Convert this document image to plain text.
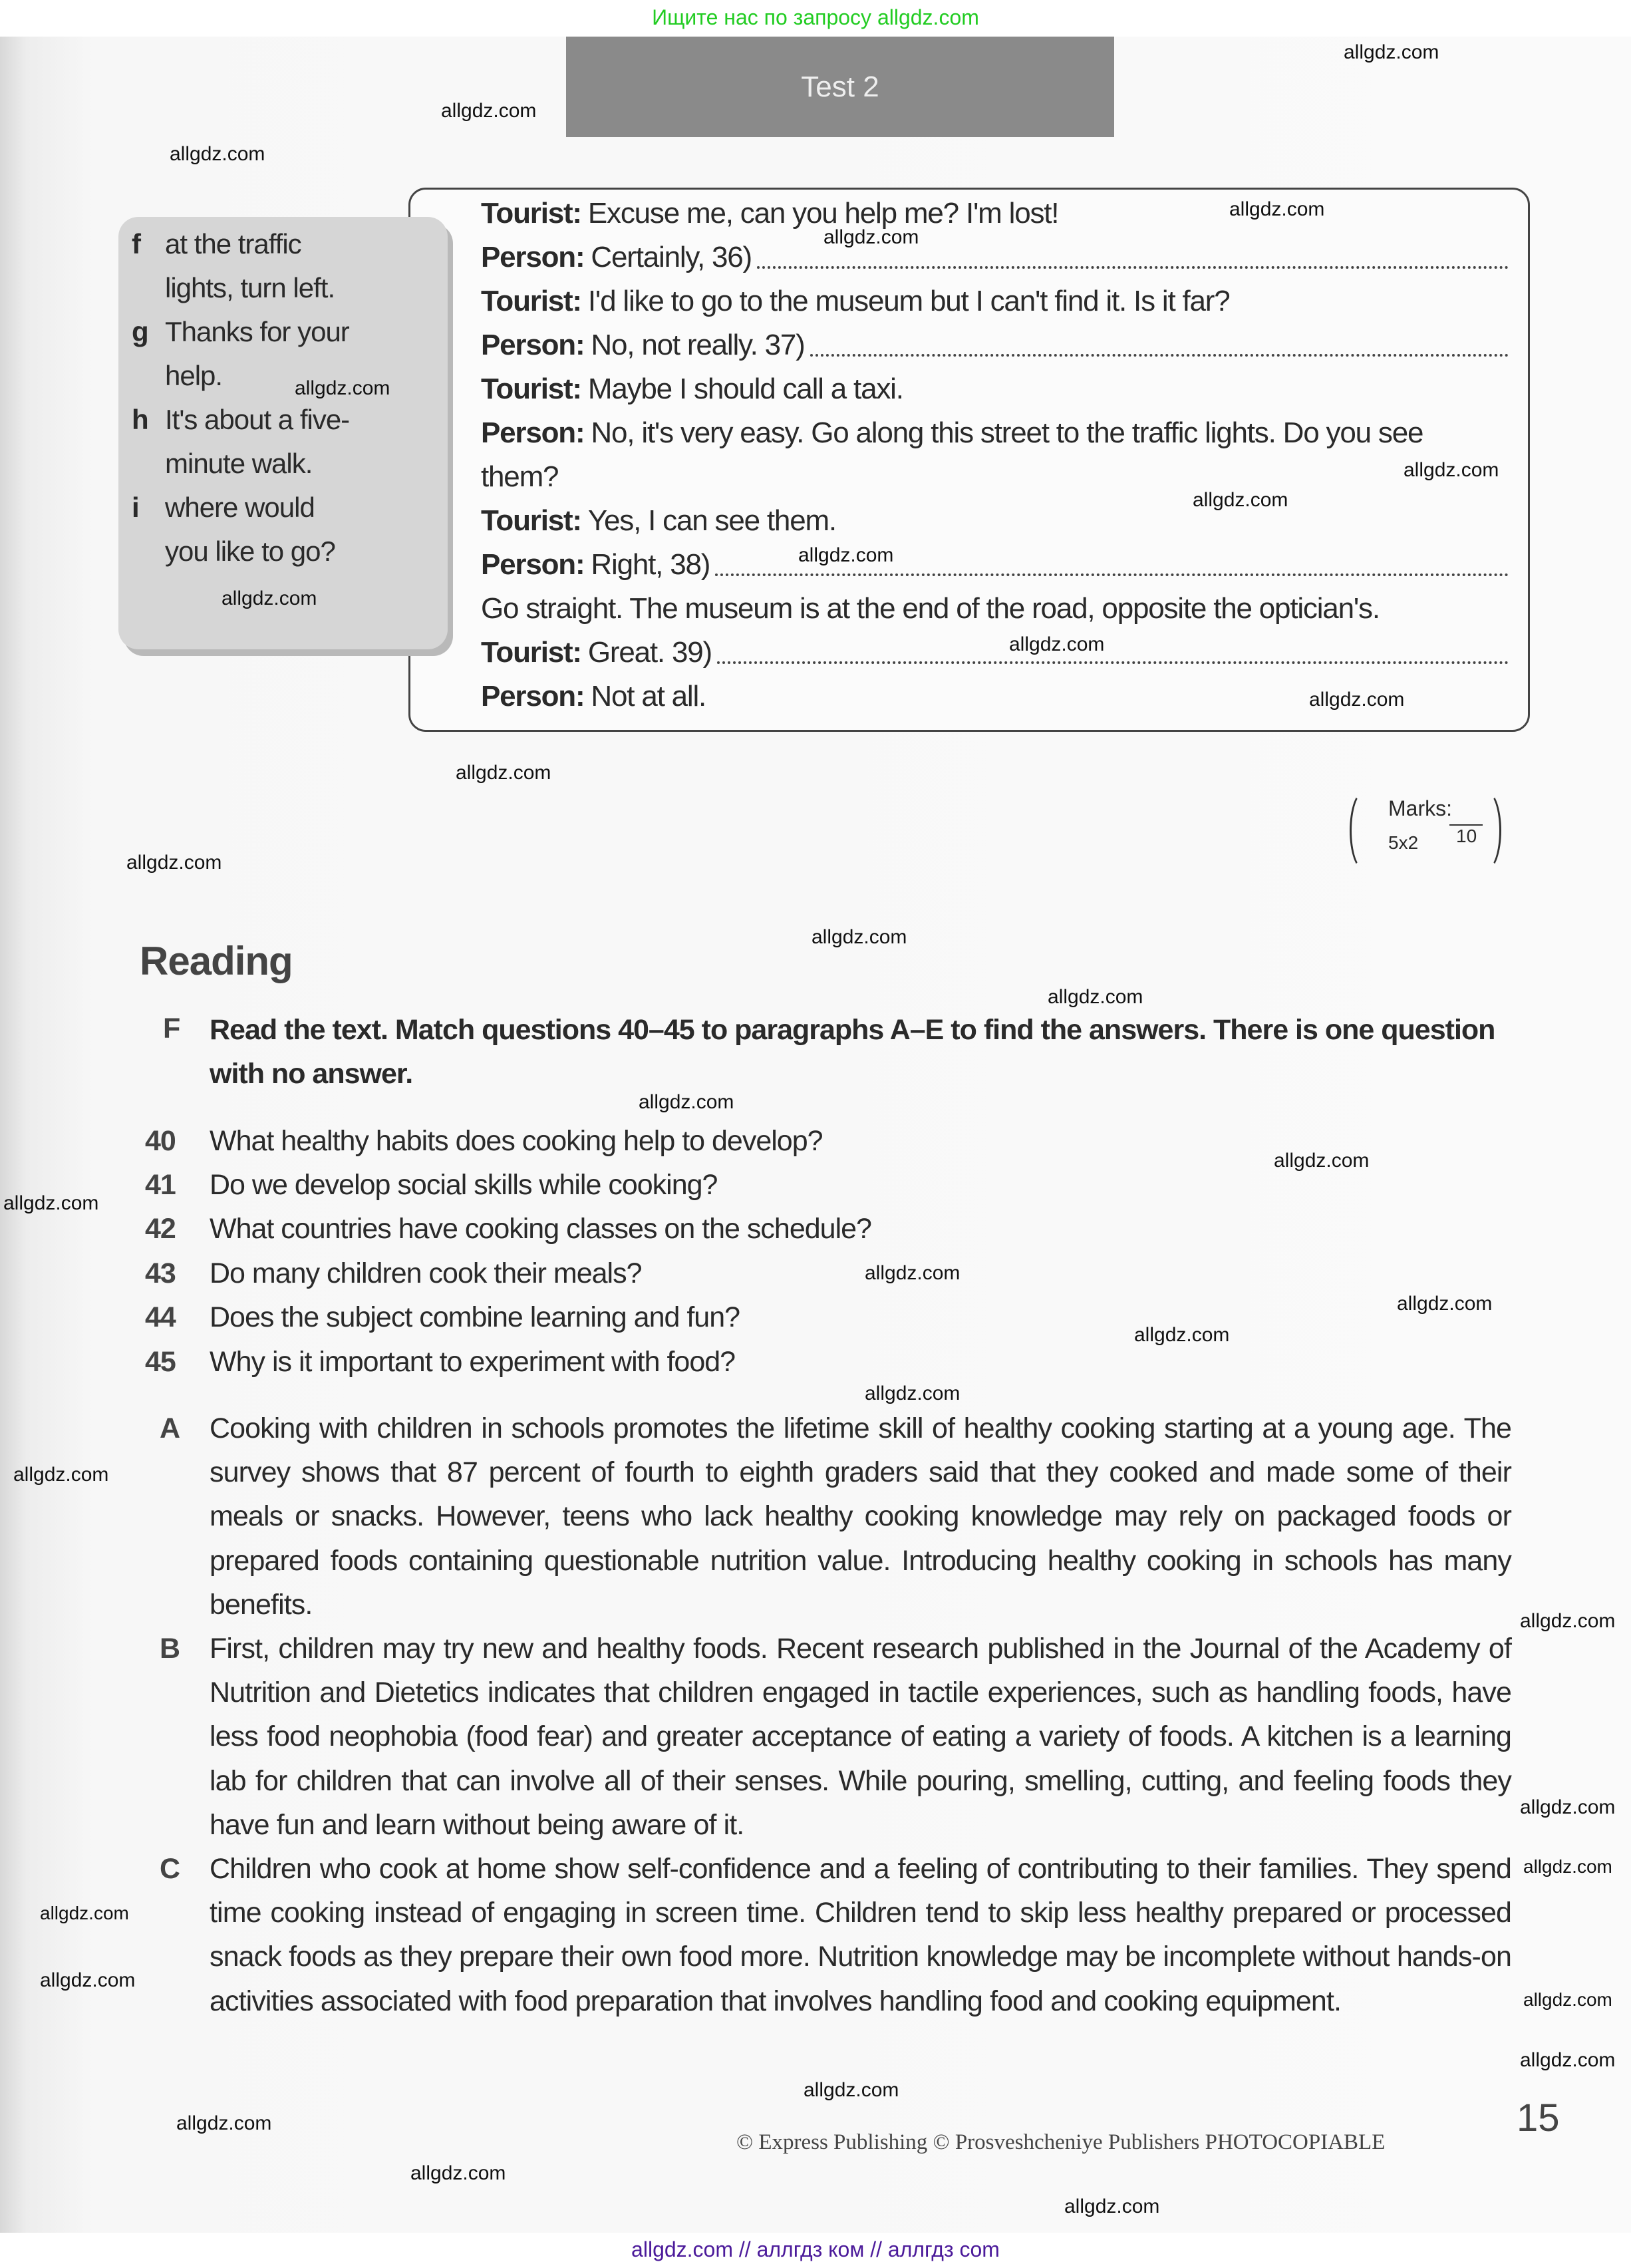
Ищите нас по запросу allgdz.com
Test 2
f at the traffic
lights, turn left.
g Thanks for your
help.
h It's about a five-
minute walk.
i where would
you like to go?
Tourist: Excuse me, can you help me? I'm lost!
Person: Certainly, 36)
Tourist: I'd like to go to the museum but I can't find it. Is it far?
Person: No, not really. 37)
Tourist: Maybe I should call a taxi.
Person: No, it's very easy. Go along this street to the traffic lights. Do you see
them?
Tourist: Yes, I can see them.
Person: Right, 38)
Go straight. The museum is at the end of the road, opposite the optician's.
Tourist: Great. 39)
Person: Not at all.
Marks:
10
5x2
Reading
F Read the text. Match questions 40–45 to paragraphs A–E to find the answers. There is one question with no answer.
40	What healthy habits does cooking help to develop?
41	Do we develop social skills while cooking?
42	What countries have cooking classes on the schedule?
43	Do many children cook their meals?
44	Does the subject combine learning and fun?
45	Why is it important to experiment with food?
A Cooking with children in schools promotes the lifetime skill of healthy cooking starting at a young age. The survey shows that 87 percent of fourth to eighth graders said that they cooked and made some of their meals or snacks. However, teens who lack healthy cooking knowledge may rely on packaged foods or prepared foods containing questionable nutrition value. Introducing healthy cooking in schools has many benefits.
B First, children may try new and healthy foods. Recent research published in the Journal of the Academy of Nutrition and Dietetics indicates that children engaged in tactile experiences, such as handling foods, have less food neophobia (food fear) and greater acceptance of eating a variety of foods. A kitchen is a learning lab for children that can involve all of their senses. While pouring, smelling, cutting, and feeling foods they have fun and learn without being aware of it.
C Children who cook at home show self-confidence and a feeling of contributing to their families. They spend time cooking instead of engaging in screen time. Children tend to skip less healthy prepared or processed snack foods as they prepare their own food more. Nutrition knowledge may be incomplete without hands-on activities associated with food preparation that involves handling food and cooking equipment.
15
© Express Publishing © Prosveshcheniye Publishers PHOTOCOPIABLE
allgdz.com // аллгдз ком // аллгдз com
allgdz.com
allgdz.com
allgdz.com
allgdz.com
allgdz.com
allgdz.com
allgdz.com
allgdz.com
allgdz.com
allgdz.com
allgdz.com
allgdz.com
allgdz.com
allgdz.com
allgdz.com
allgdz.com
allgdz.com
allgdz.com
allgdz.com
allgdz.com
allgdz.com
allgdz.com
allgdz.com
allgdz.com
allgdz.com
allgdz.com
allgdz.com
allgdz.com
allgdz.com
allgdz.com
allgdz.com
allgdz.com
allgdz.com
allgdz.com
allgdz.com
